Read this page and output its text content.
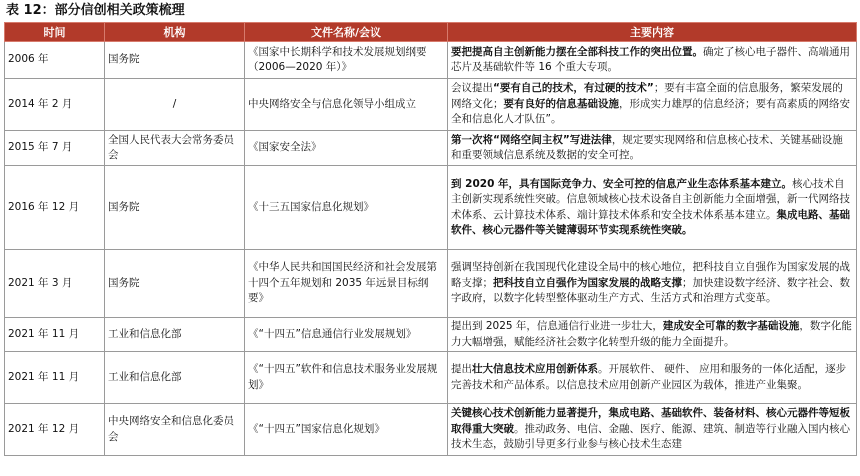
表 12：部分信创相关政策梳理
时间	机构	文件名称/会议	主要内容
2006 年	国务院	《国家中长期科学和技术发展规划纲要（2006—2020 年）》	要把提高自主创新能力摆在全部科技工作的突出位置。确定了核心电子器件、高端通用芯片及基础软件等 16 个重大专项。
2014 年 2 月	/	中央网络安全与信息化领导小组成立	会议提出“要有自己的技术，有过硬的技术”；要有丰富全面的信息服务，繁荣发展的网络文化；要有良好的信息基础设施，形成实力雄厚的信息经济；要有高素质的网络安全和信息化人才队伍”。
2015 年 7 月	全国人民代表大会常务委员会	《国家安全法》	第一次将“网络空间主权”写进法律，规定要实现网络和信息核心技术、关键基础设施和重要领域信息系统及数据的安全可控。
2016 年 12 月	国务院	《十三五国家信息化规划》	到 2020 年，具有国际竞争力、安全可控的信息产业生态体系基本建立。核心技术自主创新实现系统性突破。信息领域核心技术设备自主创新能力全面增强，新一代网络技术体系、云计算技术体系、端计算技术体系和安全技术体系基本建立。集成电路、基础软件、核心元器件等关键薄弱环节实现系统性突破。
2021 年 3 月	国务院	《中华人民共和国国民经济和社会发展第十四个五年规划和 2035 年远景目标纲要》	强调坚持创新在我国现代化建设全局中的核心地位，把科技自立自强作为国家发展的战略支撑；把科技自立自强作为国家发展的战略支撑；加快建设数字经济、数字社会、数字政府，以数字化转型整体驱动生产方式、生活方式和治理方式变革。
2021 年 11 月	工业和信息化部	《“十四五”信息通信行业发展规划》	提出到 2025 年，信息通信行业进一步壮大，建成安全可靠的数字基础设施，数字化能力大幅增强，赋能经济社会数字化转型升级的能力全面提升。
2021 年 11 月	工业和信息化部	《“十四五”软件和信息技术服务业发展规划》	提出壮大信息技术应用创新体系。开展软件、 硬件、 应用和服务的一体化适配，逐步完善技术和产品体系。以信息技术应用创新产业园区为载体，推进产业集聚。
2021 年 12 月	中央网络安全和信息化委员会	《“十四五”国家信息化规划》	关键核心技术创新能力显著提升，集成电路、基础软件、装备材料、核心元器件等短板取得重大突破。推动政务、电信、金融、医疗、能源、建筑、制造等行业融入国内核心技术生态，鼓励引导更多行业参与核心技术生态建
